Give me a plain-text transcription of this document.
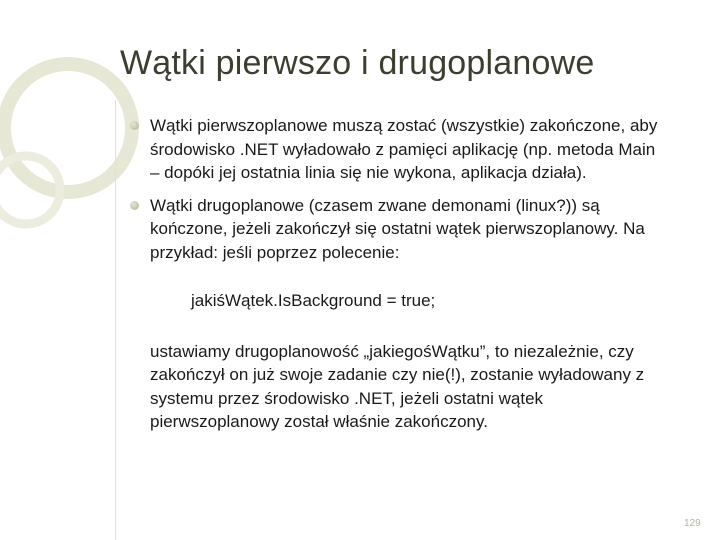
Wątki pierwszo i drugoplanowe
Wątki pierwszoplanowe muszą zostać (wszystkie) zakończone, aby
środowisko .NET wyładowało z pamięci aplikację (np. metoda Main
– dopóki jej ostatnia linia się nie wykona, aplikacja działa).
Wątki drugoplanowe (czasem zwane demonami (linux?)) są
kończone, jeżeli zakończył się ostatni wątek pierwszoplanowy. Na
przykład: jeśli poprzez polecenie:
jakiśWątek.IsBackground = true;
ustawiamy drugoplanowość „jakiegośWątku”, to niezależnie, czy
zakończył on już swoje zadanie czy nie(!), zostanie wyładowany z
systemu przez środowisko .NET, jeżeli ostatni wątek
pierwszoplanowy został właśnie zakończony.
129
